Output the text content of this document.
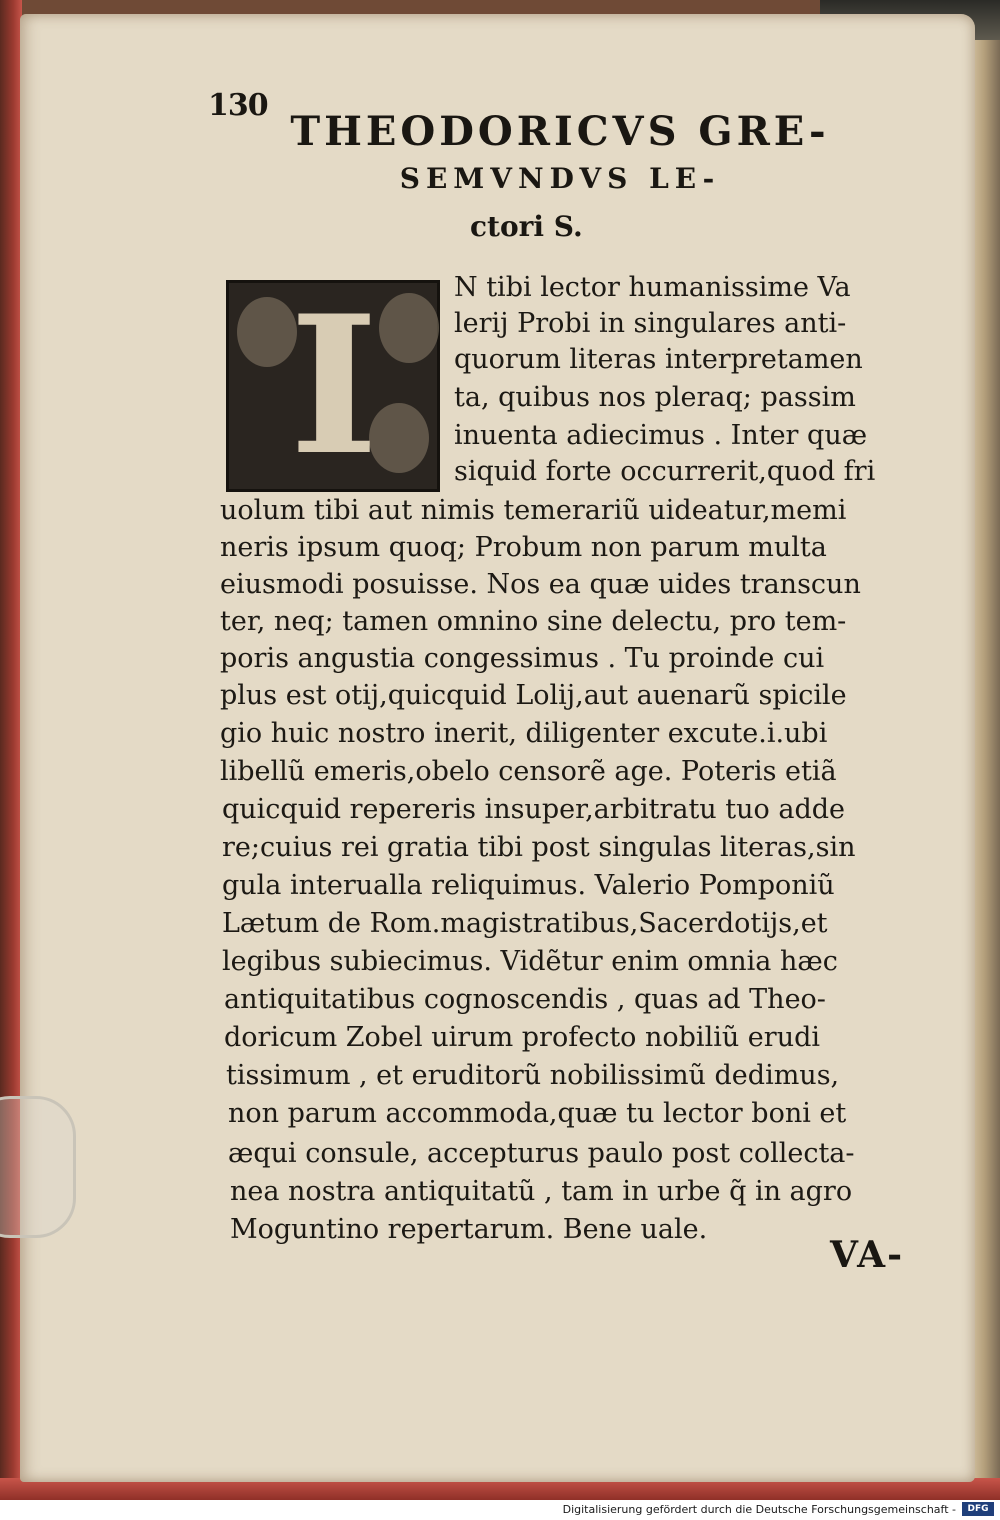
130
THEODORICVS GRE-
SEMVNDVS LE-
ctori S.
I	N tibi lector humanissime Va
lerij Probi in singulares anti-
quorum literas interpretamen
ta, quibus nos pleraq; passim
inuenta adiecimus . Inter quæ
siquid forte occurrerit,quod fri
uolum tibi aut nimis temerariũ uideatur,memi
neris ipsum quoq; Probum non parum multa
eiusmodi posuisse. Nos ea quæ uides transcun
ter, neq; tamen omnino sine delectu, pro tem-
poris angustia congessimus . Tu proinde cui
plus est otij,quicquid Lolij,aut auenarũ spicile
gio huic nostro inerit, diligenter excute.i.ubi
libellũ emeris,obelo censorẽ age. Poteris etiã
quicquid repereris insuper,arbitratu tuo adde
re;cuius rei gratia tibi post singulas literas,sin
gula interualla reliquimus. Valerio Pomponiũ
Lætum de Rom.magistratibus,Sacerdotijs,et
legibus subiecimus. Vidẽtur enim omnia hæc
antiquitatibus cognoscendis , quas ad Theo-
doricum Zobel uirum profecto nobiliũ erudi
tissimum , et eruditorũ nobilissimũ dedimus,
non parum accommoda,quæ tu lector boni et
æqui consule, accepturus paulo post collecta-
nea nostra antiquitatũ , tam in urbe q̃ in agro
Moguntino repertarum. Bene uale.
VA-
Digitalisierung gefördert durch die Deutsche Forschungsgemeinschaft -	DFG
